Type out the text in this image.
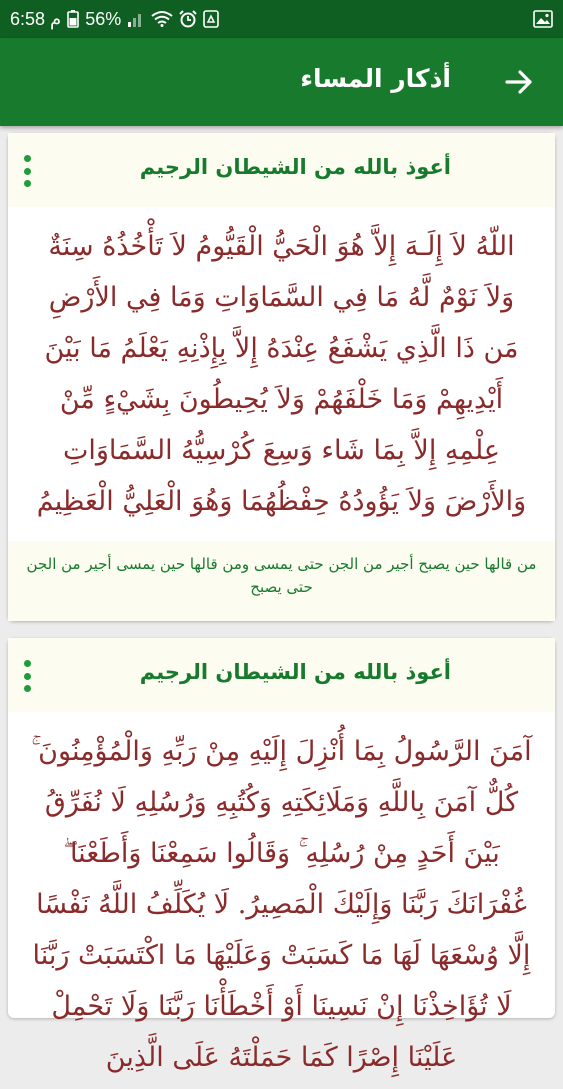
6:58 م 56%
أذكار المساء
أعوذ بالله من الشيطان الرجيم
اللّهُ لاَ إِلَـهَ إِلاَّ هُوَ الْحَيُّ الْقَيُّومُ لاَ تَأْخُذُهُ سِنَةٌ وَلاَ نَوْمٌ لَّهُ مَا فِي السَّمَاوَاتِ وَمَا فِي الأَرْضِ مَن ذَا الَّذِي يَشْفَعُ عِنْدَهُ إِلاَّ بِإِذْنِهِ يَعْلَمُ مَا بَيْنَ أَيْدِيهِمْ وَمَا خَلْفَهُمْ وَلاَ يُحِيطُونَ بِشَيْءٍ مِّنْ عِلْمِهِ إِلاَّ بِمَا شَاء وَسِعَ كُرْسِيُّهُ السَّمَاوَاتِ وَالأَرْضَ وَلاَ يَؤُودُهُ حِفْظُهُمَا وَهُوَ الْعَلِيُّ الْعَظِيمُ
من قالها حين يصبح أجير من الجن حتى يمسى ومن قالها حين يمسى أجير من الجن حتى يصبح
أعوذ بالله من الشيطان الرجيم
آمَنَ الرَّسُولُ بِمَا أُنْزِلَ إِلَيْهِ مِنْ رَبِّهِ وَالْمُؤْمِنُونَ ۚ كُلٌّ آمَنَ بِاللَّهِ وَمَلَائِكَتِهِ وَكُتُبِهِ وَرُسُلِهِ لَا نُفَرِّقُ بَيْنَ أَحَدٍ مِنْ رُسُلِهِ ۚ وَقَالُوا سَمِعْنَا وَأَطَعْنَا ۖ غُفْرَانَكَ رَبَّنَا وَإِلَيْكَ الْمَصِيرُ. لَا يُكَلِّفُ اللَّهُ نَفْسًا إِلَّا وُسْعَهَا لَهَا مَا كَسَبَتْ وَعَلَيْهَا مَا اكْتَسَبَتْ رَبَّنَا لَا تُؤَاخِذْنَا إِنْ نَسِينَا أَوْ أَخْطَأْنَا رَبَّنَا وَلَا تَحْمِلْ عَلَيْنَا إِصْرًا كَمَا حَمَلْتَهُ عَلَى الَّذِينَ
